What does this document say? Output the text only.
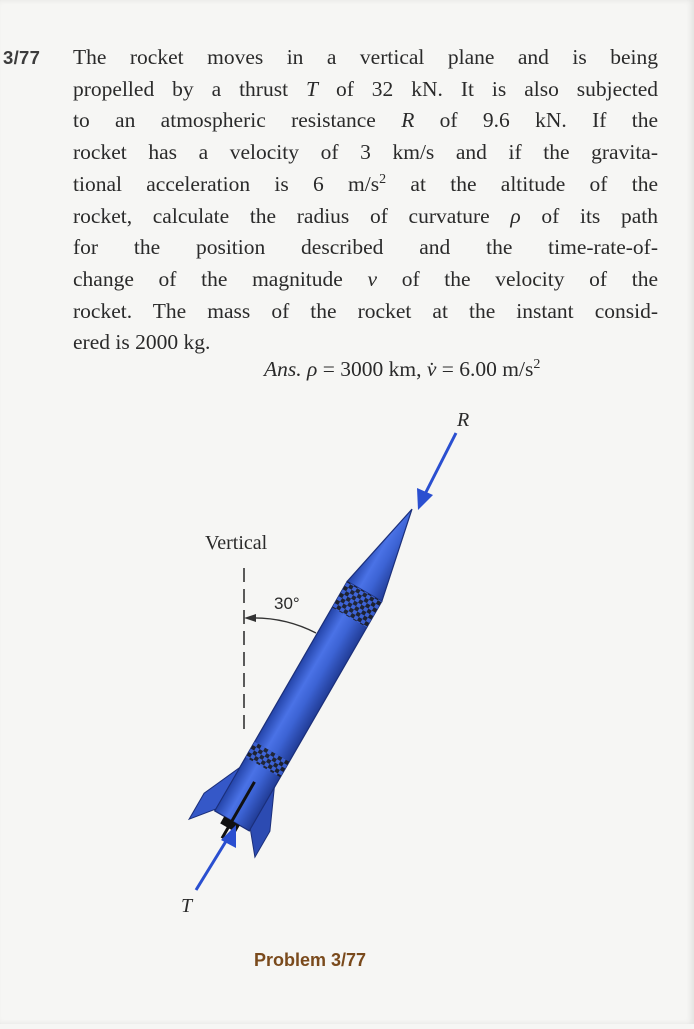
3/77 The rocket moves in a vertical plane and is being
propelled by a thrust T of 32 kN. It is also subjected
to an atmospheric resistance R of 9.6 kN. If the
rocket has a velocity of 3 km/s and if the gravita-
tional acceleration is 6 $m/s^2$ at the altitude of the
rocket, calculate the radius of curvature ρ of its path
for the position described and the time-rate-of-
change of the magnitude v of the velocity of the
rocket. The mass of the rocket at the instant consid-
ered is 2000 kg.
Ans. ρ = 3000 km, v̇ = 6.00 $m/s^2$
R
Vertical
30°
T
Problem 3/77
